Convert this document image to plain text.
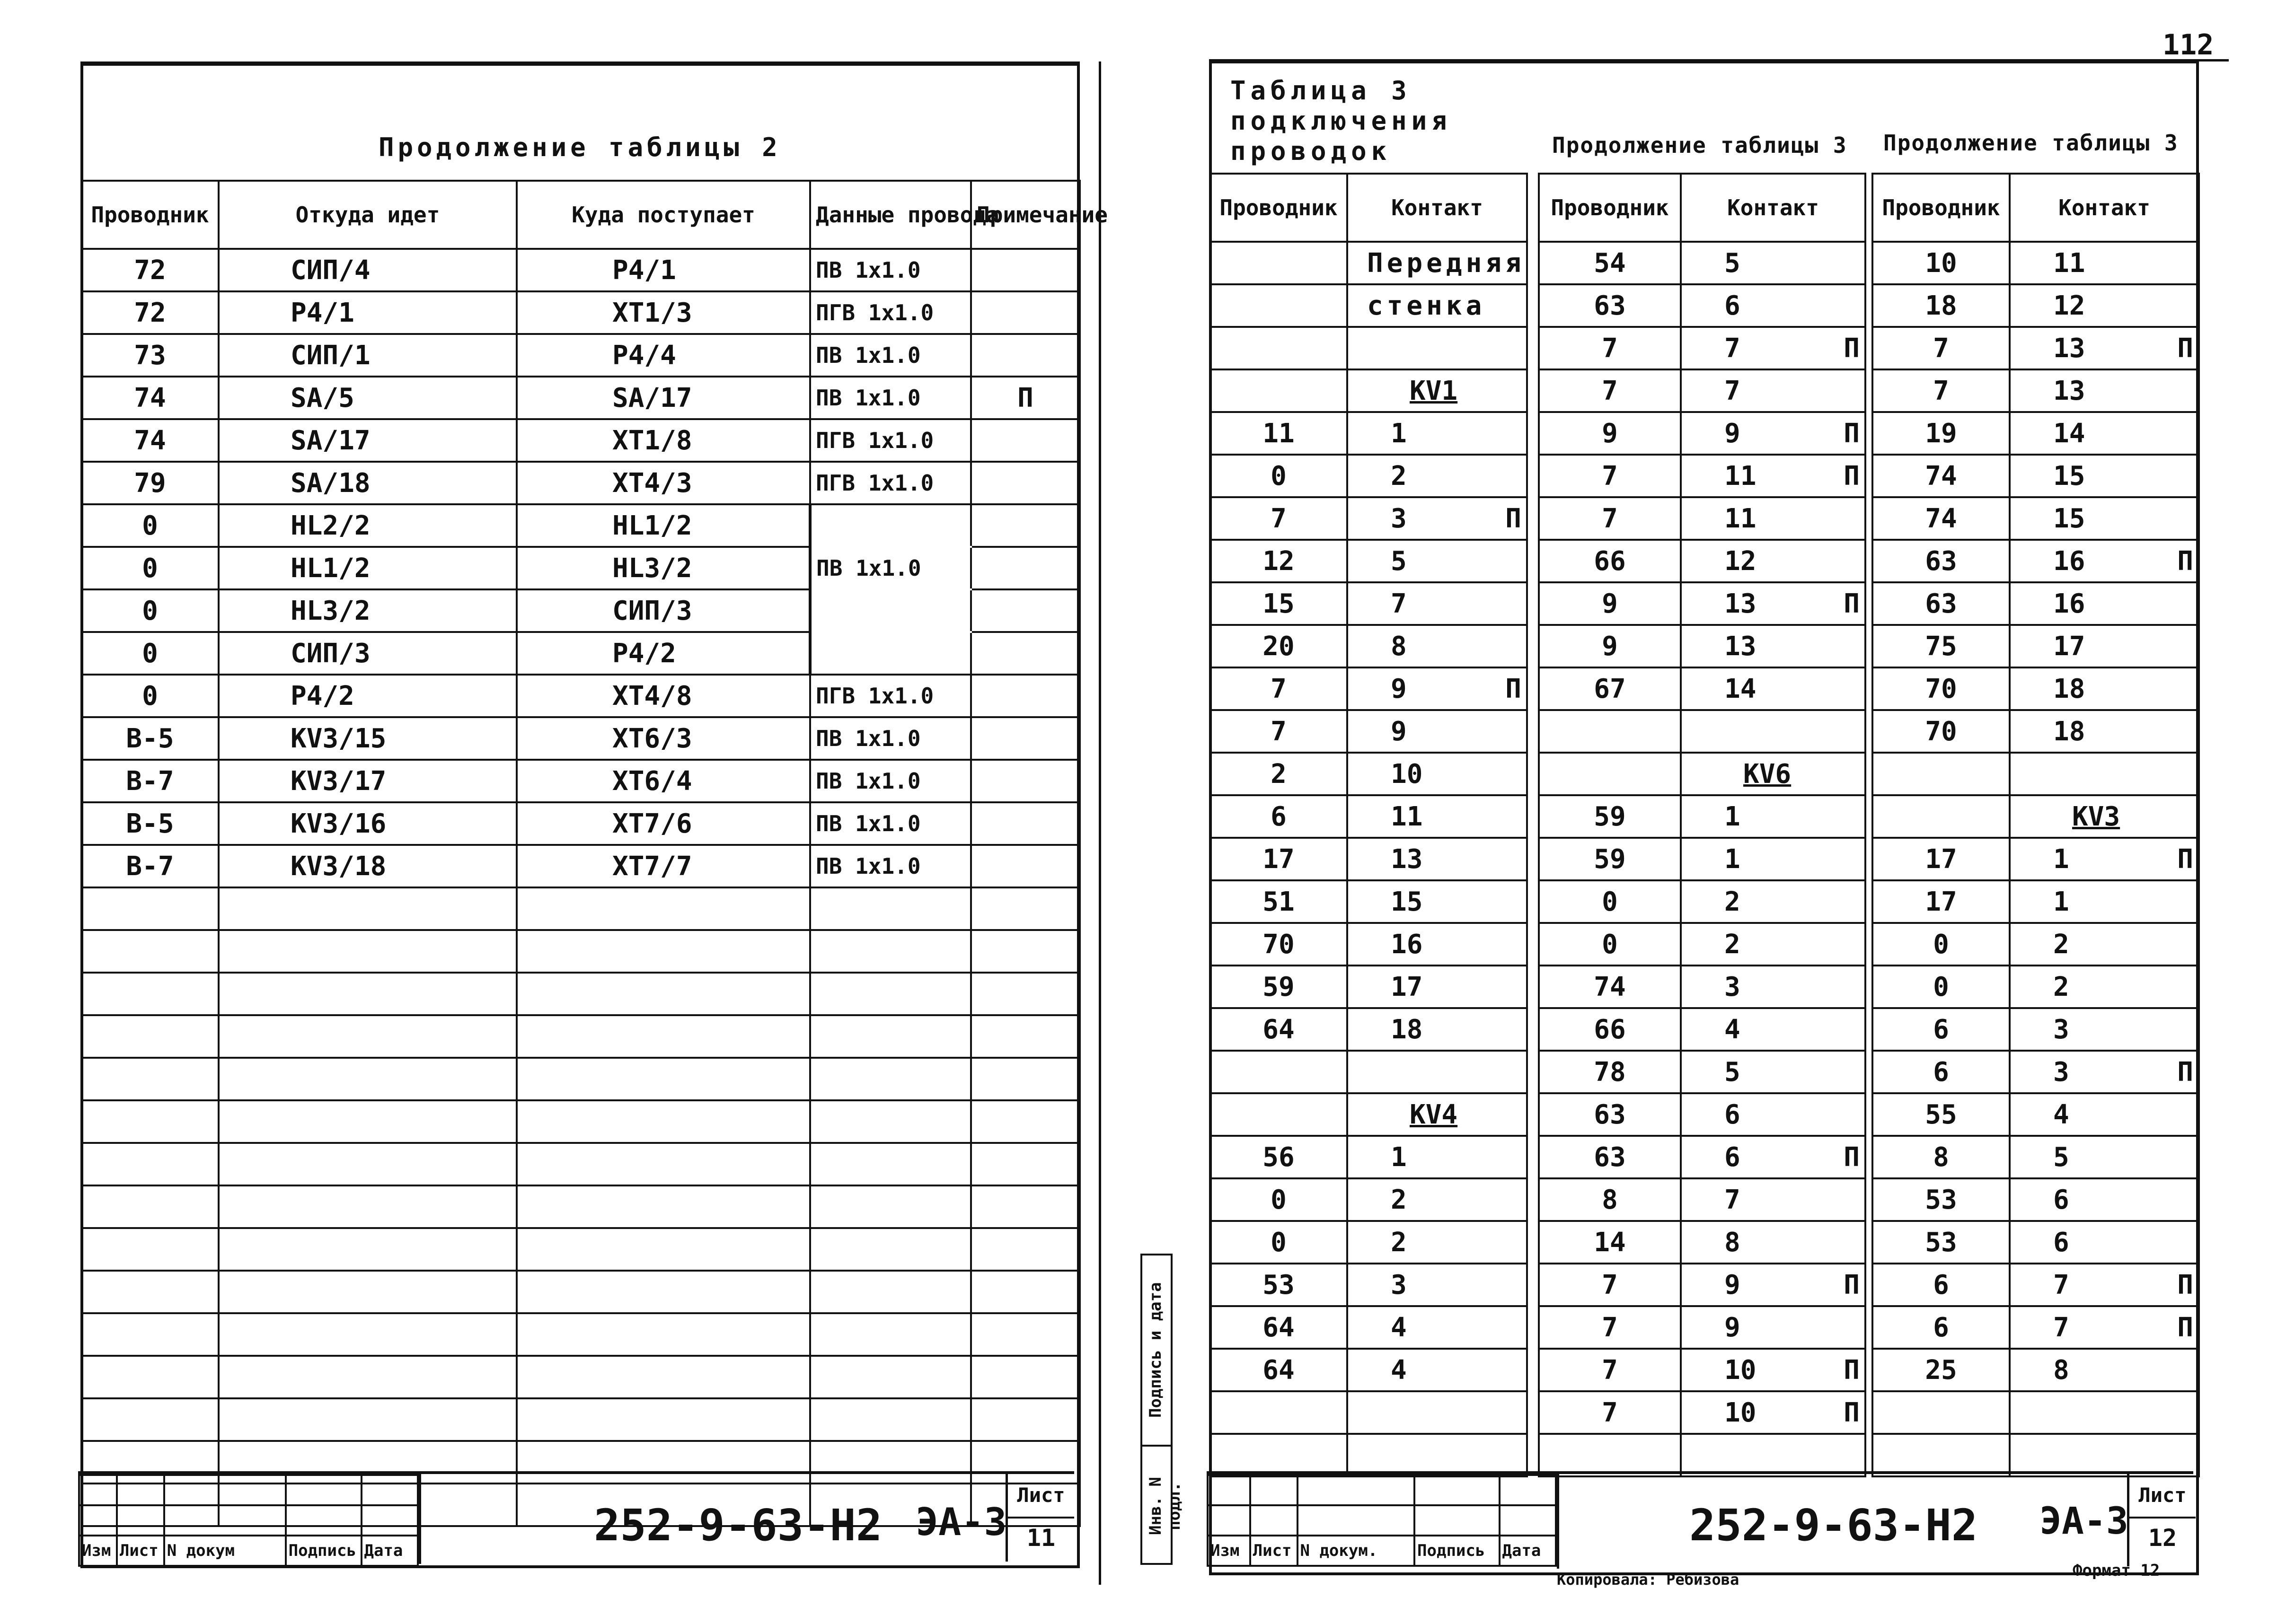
112
Продолжение таблицы 2
Проводник	Откуда идет	Куда поступает	Данные провода	Примечание
72	СИП/4	Р4/1	ПВ 1х1.0	
72	Р4/1	ХТ1/3	ПГВ 1х1.0	
73	СИП/1	Р4/4	ПВ 1х1.0	
74	SA/5	SA/17	ПВ 1х1.0	П
74	SA/17	ХТ1/8	ПГВ 1х1.0	
79	SA/18	ХТ4/3	ПГВ 1х1.0	
0	HL2/2	HL1/2		
0	HL1/2	HL3/2	ПВ 1х1.0	
0	HL3/2	СИП/3		
0	СИП/3	Р4/2		
0	Р4/2	ХТ4/8	ПГВ 1х1.0	
В-5	KV3/15	ХТ6/3	ПВ 1х1.0	
В-7	KV3/17	ХТ6/4	ПВ 1х1.0	
В-5	KV3/16	ХТ7/6	ПВ 1х1.0	
В-7	KV3/18	ХТ7/7	ПВ 1х1.0	

Изм	Лист	N докум	Подпись	Дата	252-9-63-Н2 ЭА-3
Лист
11
Таблица 3 подключения проводок	Продолжение таблицы 3 Продолжение таблицы 3
Проводник	Контакт
	Передняя
	стенка

	KV1
11	1
0	2
7	3 П

12	5
15	7
20	8
7	9 П

7	9
2	10
6	11
17	13
51	15
70	16
59	17
64	18

	KV4
56	1
0	2
0	2
53	3
64	4
64	4

Проводник	Контакт
54	5
63	6
7	7 П

7	7
9	9 П

7	11 П

7	11
66	12
9	13 П

9	13
67	14

	KV6
59	1
59	1
0	2
0	2
74	3
66	4
78	5
63	6
63	6 П

8	7
14	8
7	9 П

7	9
7	10 П

7	10 П

Проводник	Контакт
10	11
18	12
7	13 П

7	13
19	14
74	15
74	15
63	16 П

63	16
75	17
70	18
70	18

	KV3
17	1 П

17	1
0	2
0	2
6	3
6	3 П

55	4
8	5
53	6
53	6
6	7 П

6	7 П

25	8

Инв. N подл.
Подпись и дата

Изм	Лист	N докум.	Подпись	Дата	252-9-63-Н2 ЭА-3
Лист
12
Копировала: Ребизова	Формат 12
